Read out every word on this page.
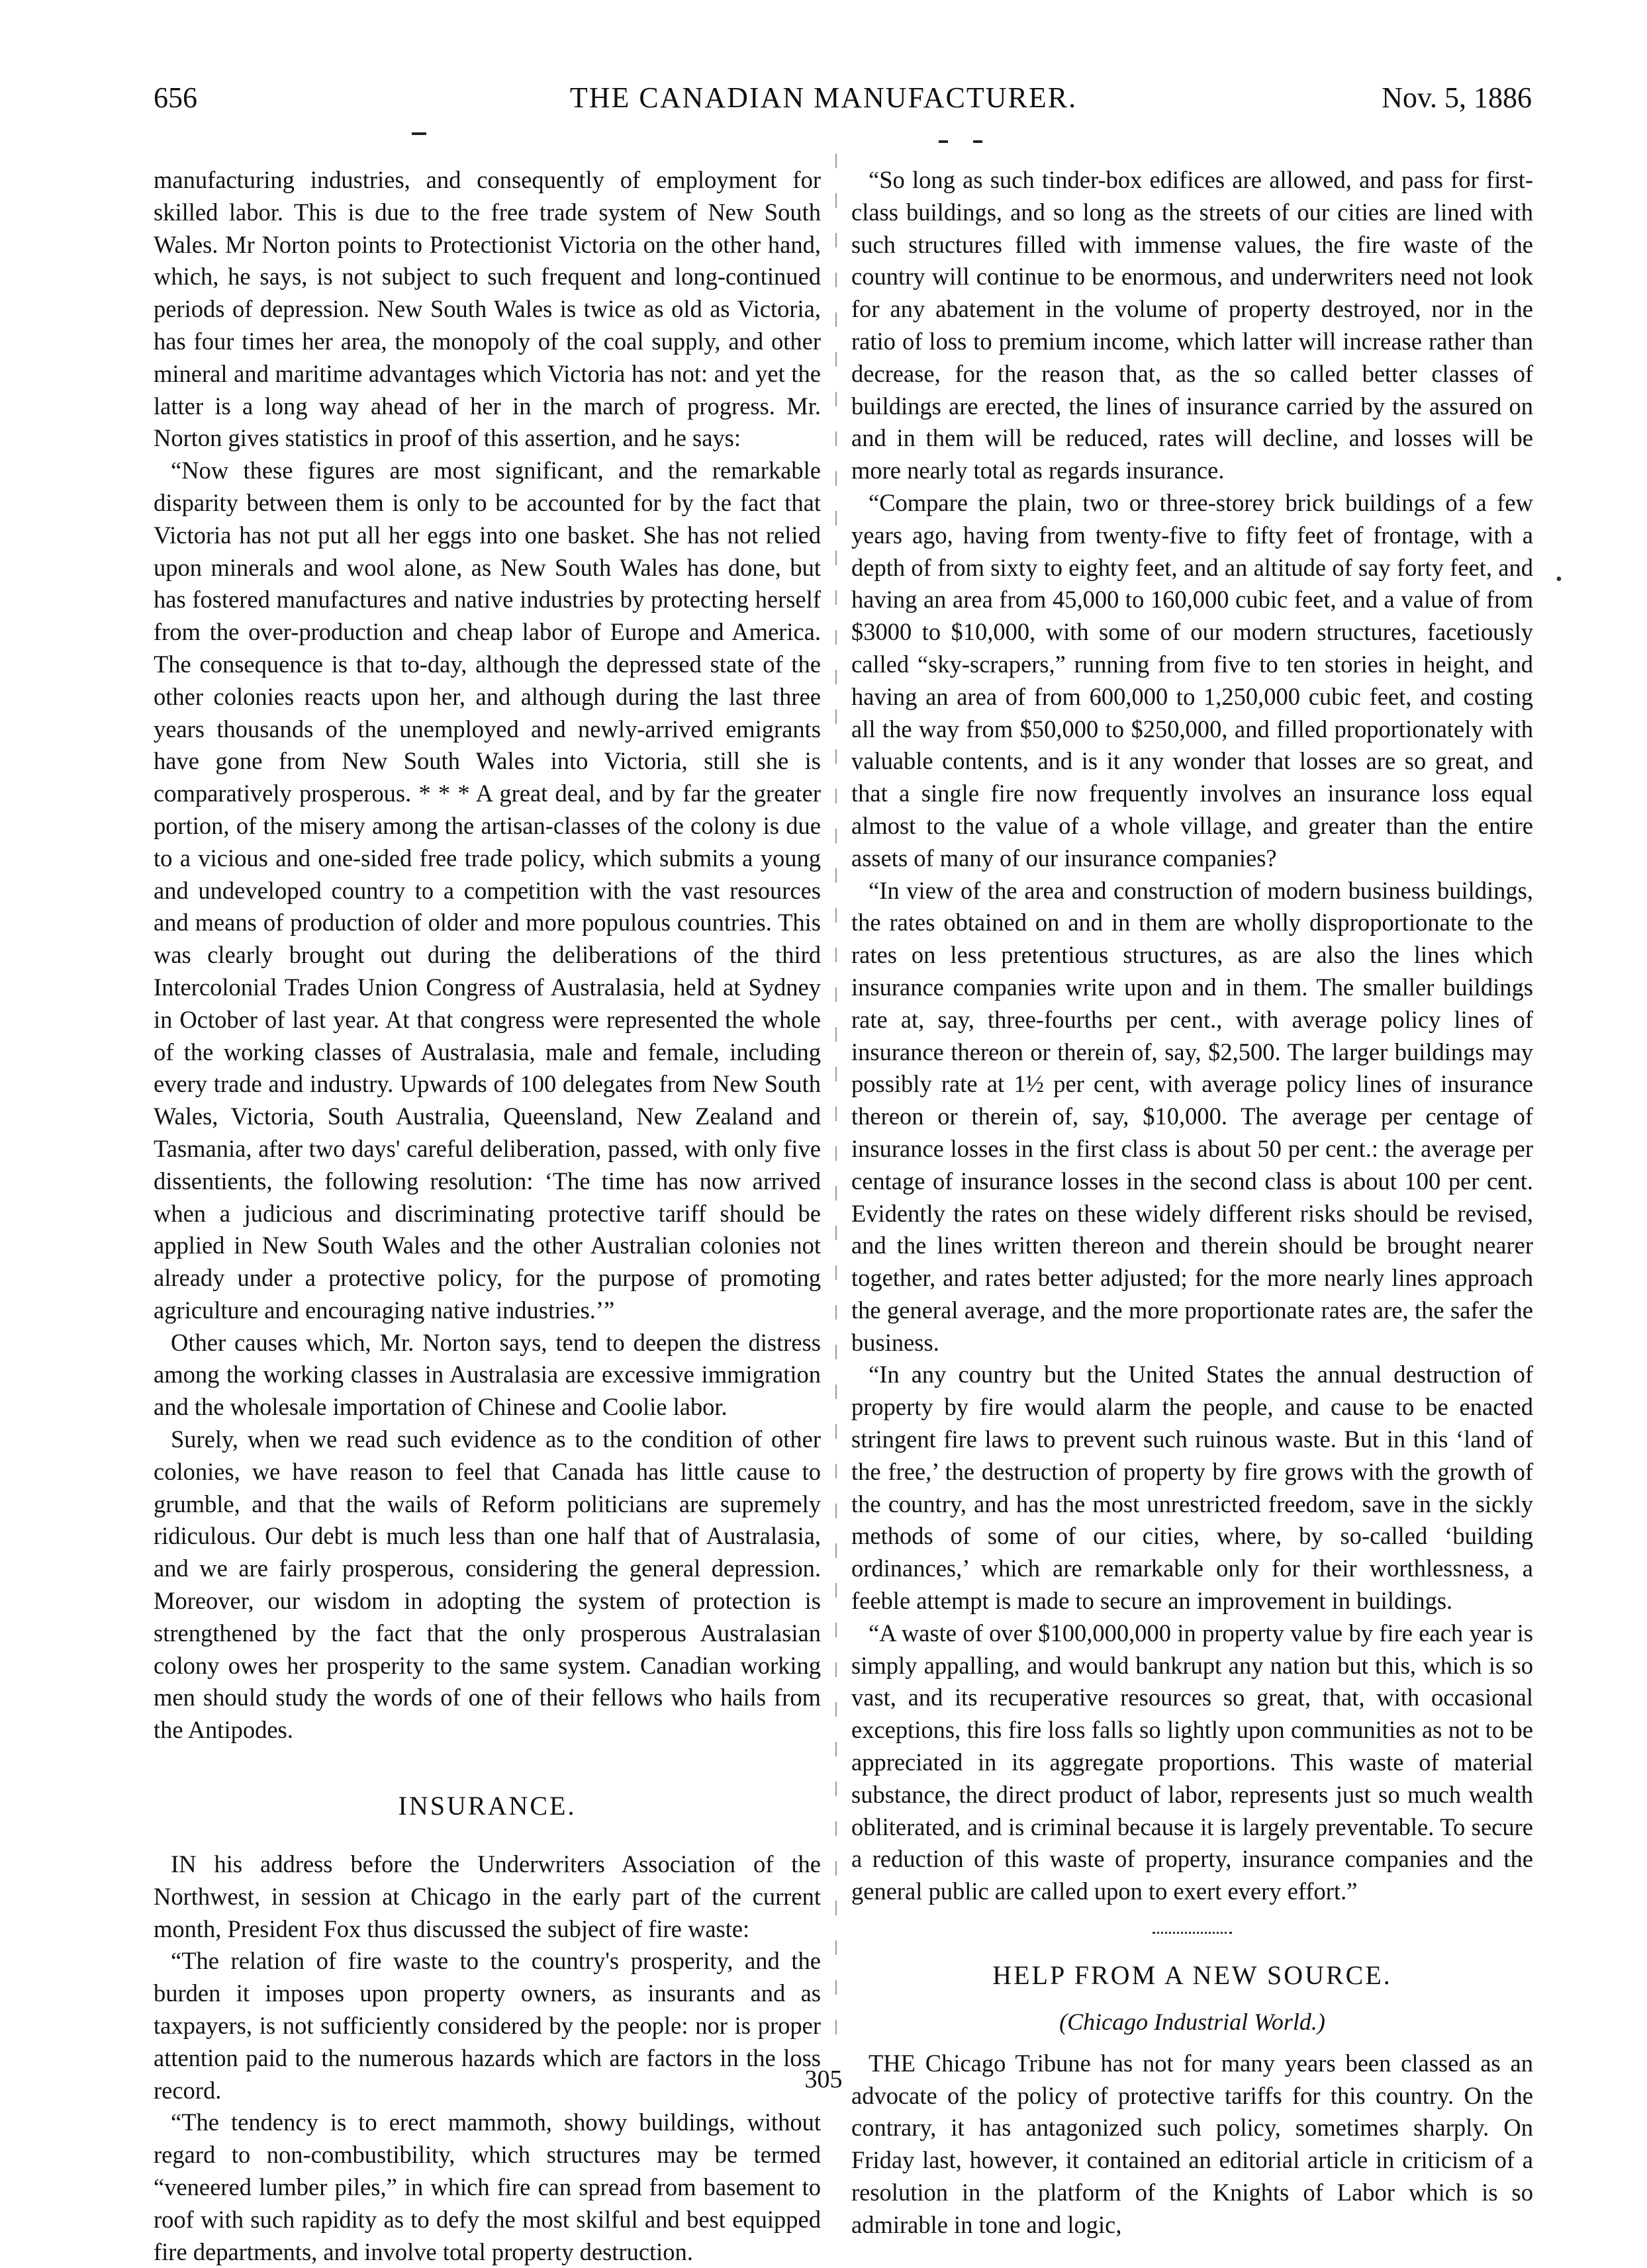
656	THE CANADIAN MANUFACTURER.	Nov. 5, 1886

manufacturing industries, and consequently of employment for skilled labor. This is due to the free trade system of New South Wales. Mr Norton points to Protectionist Victoria on the other hand, which, he says, is not subject to such frequent and long-continued periods of depression. New South Wales is twice as old as Victoria, has four times her area, the monopoly of the coal supply, and other mineral and maritime advantages which Victoria has not: and yet the latter is a long way ahead of her in the march of progress. Mr. Norton gives statistics in proof of this assertion, and he says:

“Now these figures are most significant, and the remarkable disparity between them is only to be accounted for by the fact that Victoria has not put all her eggs into one basket. She has not relied upon minerals and wool alone, as New South Wales has done, but has fostered manufactures and native industries by protecting herself from the over-production and cheap labor of Europe and America. The consequence is that to-day, although the depressed state of the other colonies reacts upon her, and although during the last three years thousands of the unemployed and newly-arrived emigrants have gone from New South Wales into Victoria, still she is comparatively prosperous. * * * A great deal, and by far the greater portion, of the misery among the artisan-classes of the colony is due to a vicious and one-sided free trade policy, which submits a young and undeveloped country to a competition with the vast resources and means of production of older and more populous countries. This was clearly brought out during the deliberations of the third Intercolonial Trades Union Congress of Australasia, held at Sydney in October of last year. At that congress were represented the whole of the working classes of Australasia, male and female, including every trade and industry. Upwards of 100 delegates from New South Wales, Victoria, South Australia, Queensland, New Zealand and Tasmania, after two days' careful deliberation, passed, with only five dissentients, the following resolution: ‘The time has now arrived when a judicious and discriminating protective tariff should be applied in New South Wales and the other Australian colonies not already under a protective policy, for the purpose of promoting agriculture and encouraging native industries.’”

Other causes which, Mr. Norton says, tend to deepen the distress among the working classes in Australasia are excessive immigration and the wholesale importation of Chinese and Coolie labor.

Surely, when we read such evidence as to the condition of other colonies, we have reason to feel that Canada has little cause to grumble, and that the wails of Reform politicians are supremely ridiculous. Our debt is much less than one half that of Australasia, and we are fairly prosperous, considering the general depression. Moreover, our wisdom in adopting the system of protection is strengthened by the fact that the only prosperous Australasian colony owes her prosperity to the same system. Canadian working men should study the words of one of their fellows who hails from the Antipodes.

INSURANCE.

IN his address before the Underwriters Association of the Northwest, in session at Chicago in the early part of the current month, President Fox thus discussed the subject of fire waste:

“The relation of fire waste to the country's prosperity, and the burden it imposes upon property owners, as insurants and as taxpayers, is not sufficiently considered by the people: nor is proper attention paid to the numerous hazards which are factors in the loss record.

“The tendency is to erect mammoth, showy buildings, without regard to non-combustibility, which structures may be termed “veneered lumber piles,” in which fire can spread from basement to roof with such rapidity as to defy the most skilful and best equipped fire departments, and involve total property destruction.

“So long as such tinder-box edifices are allowed, and pass for first-class buildings, and so long as the streets of our cities are lined with such structures filled with immense values, the fire waste of the country will continue to be enormous, and underwriters need not look for any abatement in the volume of property destroyed, nor in the ratio of loss to premium income, which latter will increase rather than decrease, for the reason that, as the so called better classes of buildings are erected, the lines of insurance carried by the assured on and in them will be reduced, rates will decline, and losses will be more nearly total as regards insurance.

“Compare the plain, two or three-storey brick buildings of a few years ago, having from twenty-five to fifty feet of frontage, with a depth of from sixty to eighty feet, and an altitude of say forty feet, and having an area from 45,000 to 160,000 cubic feet, and a value of from $3000 to $10,000, with some of our modern structures, facetiously called “sky-scrapers,” running from five to ten stories in height, and having an area of from 600,000 to 1,250,000 cubic feet, and costing all the way from $50,000 to $250,000, and filled proportionately with valuable contents, and is it any wonder that losses are so great, and that a single fire now frequently involves an insurance loss equal almost to the value of a whole village, and greater than the entire assets of many of our insurance companies?

“In view of the area and construction of modern business buildings, the rates obtained on and in them are wholly disproportionate to the rates on less pretentious structures, as are also the lines which insurance companies write upon and in them. The smaller buildings rate at, say, three-fourths per cent., with average policy lines of insurance thereon or therein of, say, $2,500. The larger buildings may possibly rate at 1½ per cent, with average policy lines of insurance thereon or therein of, say, $10,000. The average per centage of insurance losses in the first class is about 50 per cent.: the average per centage of insurance losses in the second class is about 100 per cent. Evidently the rates on these widely different risks should be revised, and the lines written thereon and therein should be brought nearer together, and rates better adjusted; for the more nearly lines approach the general average, and the more proportionate rates are, the safer the business.

“In any country but the United States the annual destruction of property by fire would alarm the people, and cause to be enacted stringent fire laws to prevent such ruinous waste. But in this ‘land of the free,’ the destruction of property by fire grows with the growth of the country, and has the most unrestricted freedom, save in the sickly methods of some of our cities, where, by so-called ‘building ordinances,’ which are remarkable only for their worthlessness, a feeble attempt is made to secure an improvement in buildings.

“A waste of over $100,000,000 in property value by fire each year is simply appalling, and would bankrupt any nation but this, which is so vast, and its recuperative resources so great, that, with occasional exceptions, this fire loss falls so lightly upon communities as not to be appreciated in its aggregate proportions. This waste of material substance, the direct product of labor, represents just so much wealth obliterated, and is criminal because it is largely preventable. To secure a reduction of this waste of property, insurance companies and the general public are called upon to exert every effort.”

HELP FROM A NEW SOURCE.
(Chicago Industrial World.)

THE Chicago Tribune has not for many years been classed as an advocate of the policy of protective tariffs for this country. On the contrary, it has antagonized such policy, sometimes sharply. On Friday last, however, it contained an editorial article in criticism of a resolution in the platform of the Knights of Labor which is so admirable in tone and logic,

•
305
